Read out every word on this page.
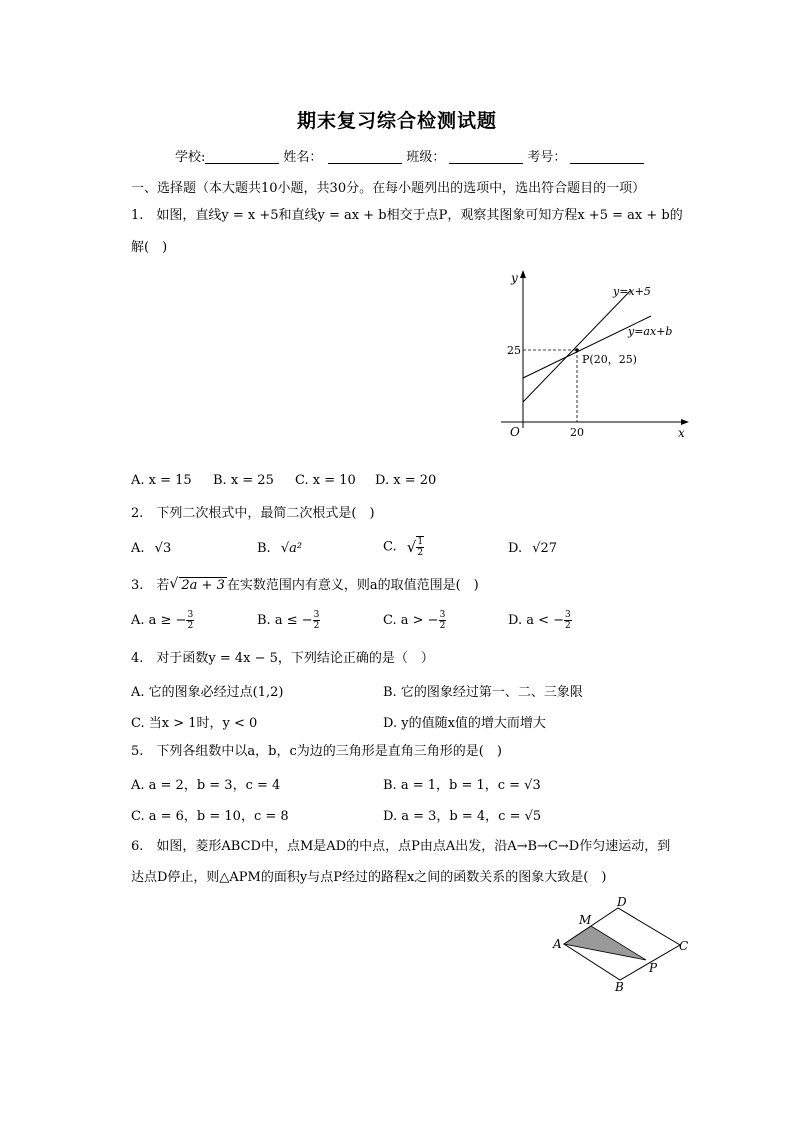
期末复习综合检测试题
学校:	姓名：	班级：	考号：
一、选择题（本大题共10小题，共30分。在每小题列出的选项中，选出符合题目的一项）
1.　如图，直线y = x +5和直线y = ax + b相交于点P，观察其图象可知方程x +5 = ax + b的
解(　)
y
x
O
y=x+5
y=ax+b
P(20，25)
25
20
A. x = 15 B. x = 25 C. x = 10 D. x = 20
2.　下列二次根式中，最简二次根式是(　)
A. √3	B. √a²	C. √ $\frac{1}{2}$	D. √27
3.　若√ 2a + 3 在实数范围内有意义，则a的取值范围是(　)
A. a ≥ − $\frac{3}{2}$	B. a ≤ − $\frac{3}{2}$	C. a > − $\frac{3}{2}$	D. a < − $\frac{3}{2}$
4.　对于函数y = 4x − 5，下列结论正确的是（　）
A. 它的图象必经过点(1,2)	B. 它的图象经过第一、二、三象限
C. 当x > 1时，y < 0	D. y的值随x值的增大而增大
5.　下列各组数中以a，b，c为边的三角形是直角三角形的是(　)
A. a = 2，b = 3，c = 4	B. a = 1，b = 1，c = √3
C. a = 6，b = 10，c = 8	D. a = 3，b = 4，c = √5
6.　如图，菱形ABCD中，点M是AD的中点，点P由点A出发，沿A→B→C→D作匀速运动，到
达点D停止，则△APM的面积y与点P经过的路程x之间的函数关系的图象大致是(　)
A
B
C
D
M
P
